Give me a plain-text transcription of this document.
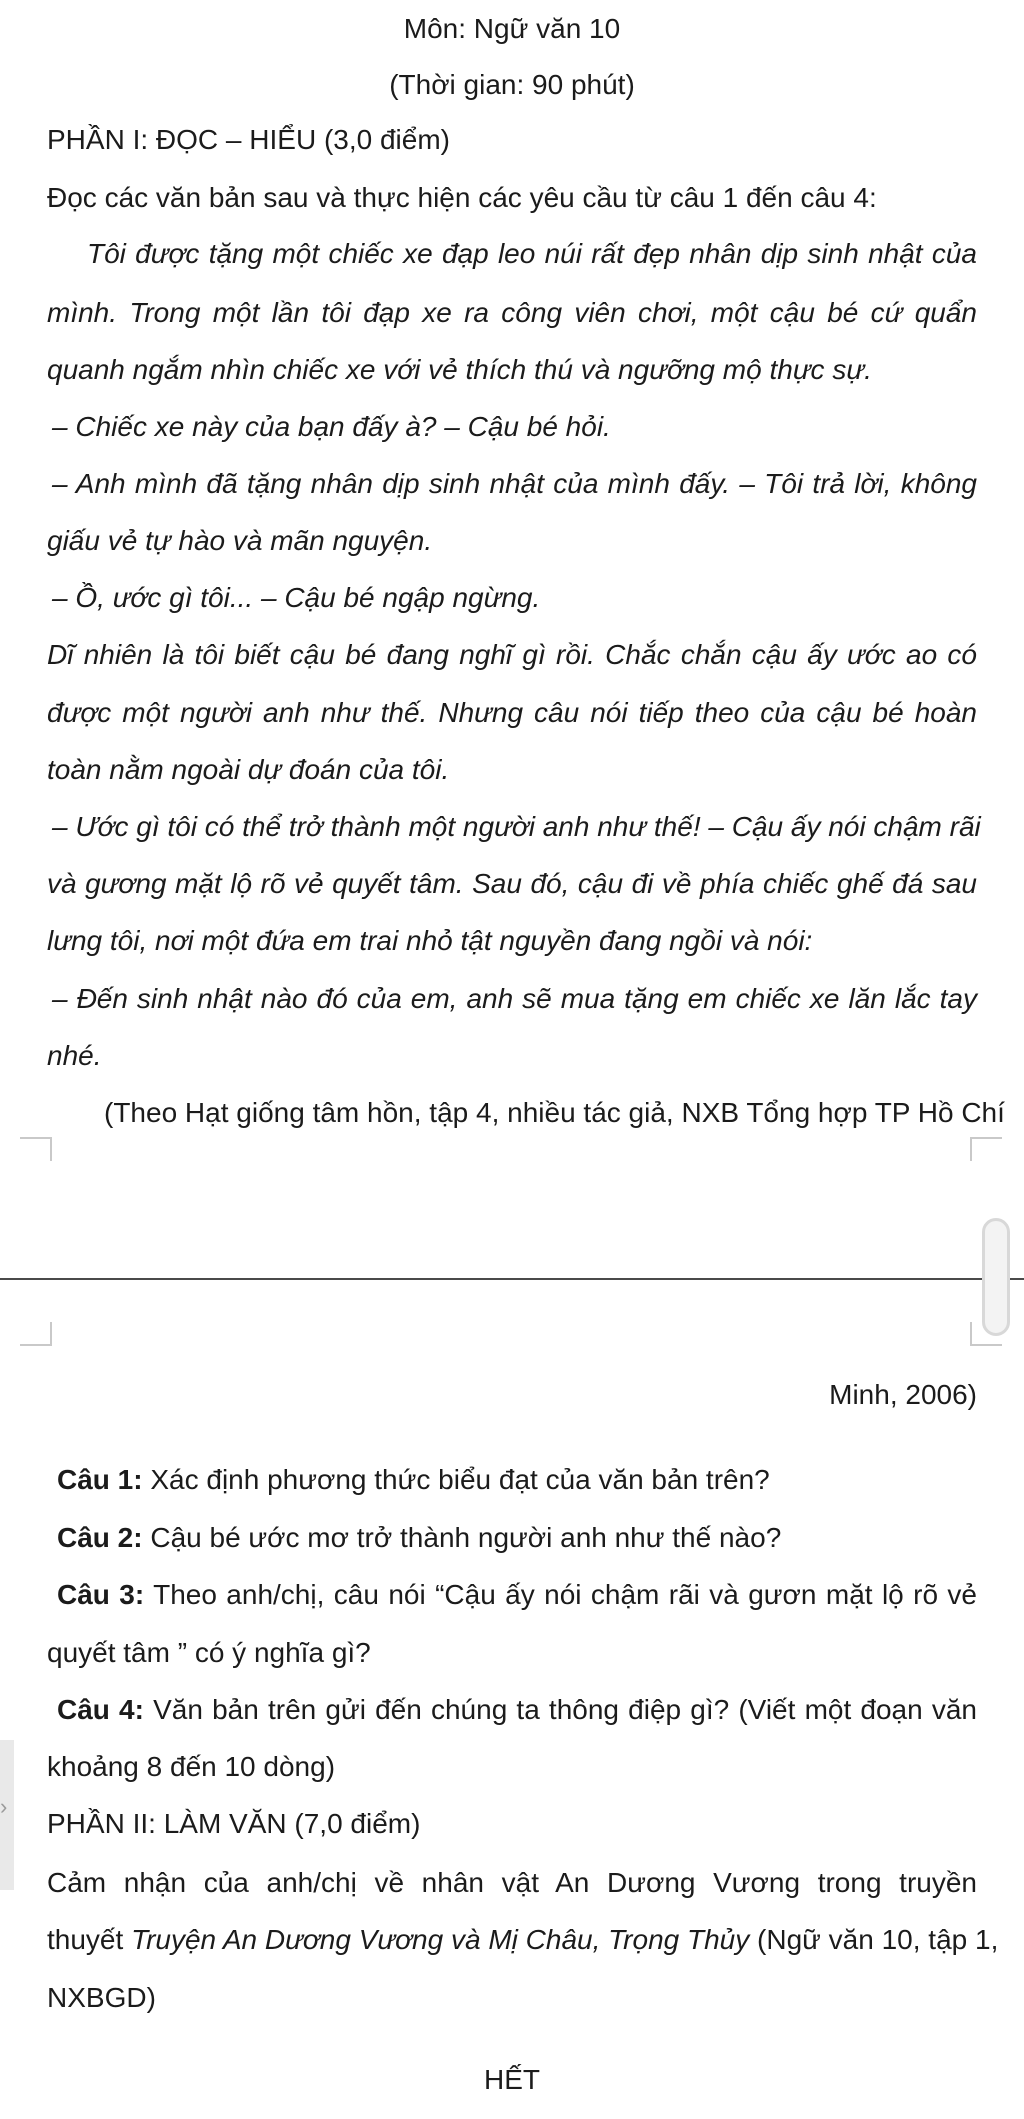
Môn: Ngữ văn 10
(Thời gian: 90 phút)
PHẦN I: ĐỌC – HIỂU (3,0 điểm)
Đọc các văn bản sau và thực hiện các yêu cầu từ câu 1 đến câu 4:
Tôi được tặng một chiếc xe đạp leo núi rất đẹp nhân dịp sinh nhật của
mình. Trong một lần tôi đạp xe ra công viên chơi, một cậu bé cứ quẩn
quanh ngắm nhìn chiếc xe với vẻ thích thú và ngưỡng mộ thực sự.
– Chiếc xe này của bạn đấy à? – Cậu bé hỏi.
– Anh mình đã tặng nhân dịp sinh nhật của mình đấy. – Tôi trả lời, không
giấu vẻ tự hào và mãn nguyện.
– Ồ, ước gì tôi... – Cậu bé ngập ngừng.
Dĩ nhiên là tôi biết cậu bé đang nghĩ gì rồi. Chắc chắn cậu ấy ước ao có
được một người anh như thế. Nhưng câu nói tiếp theo của cậu bé hoàn
toàn nằm ngoài dự đoán của tôi.
– Ước gì tôi có thể trở thành một người anh như thế! – Cậu ấy nói chậm rãi
và gương mặt lộ rõ vẻ quyết tâm. Sau đó, cậu đi về phía chiếc ghế đá sau
lưng tôi, nơi một đứa em trai nhỏ tật nguyền đang ngồi và nói:
– Đến sinh nhật nào đó của em, anh sẽ mua tặng em chiếc xe lăn lắc tay
nhé.
(Theo Hạt giống tâm hồn, tập 4, nhiều tác giả, NXB Tổng hợp TP Hồ Chí
Minh, 2006)
Câu 1: Xác định phương thức biểu đạt của văn bản trên?
Câu 2: Cậu bé ước mơ trở thành người anh như thế nào?
Câu 3: Theo anh/chị, câu nói “Cậu ấy nói chậm rãi và gươn mặt lộ rõ vẻ
quyết tâm ” có ý nghĩa gì?
Câu 4: Văn bản trên gửi đến chúng ta thông điệp gì? (Viết một đoạn văn
khoảng 8 đến 10 dòng)
›
PHẦN II: LÀM VĂN (7,0 điểm)
Cảm nhận của anh/chị về nhân vật An Dương Vương trong truyền
thuyết Truyện An Dương Vương và Mị Châu, Trọng Thủy (Ngữ văn 10, tập 1,
NXBGD)
HẾT
